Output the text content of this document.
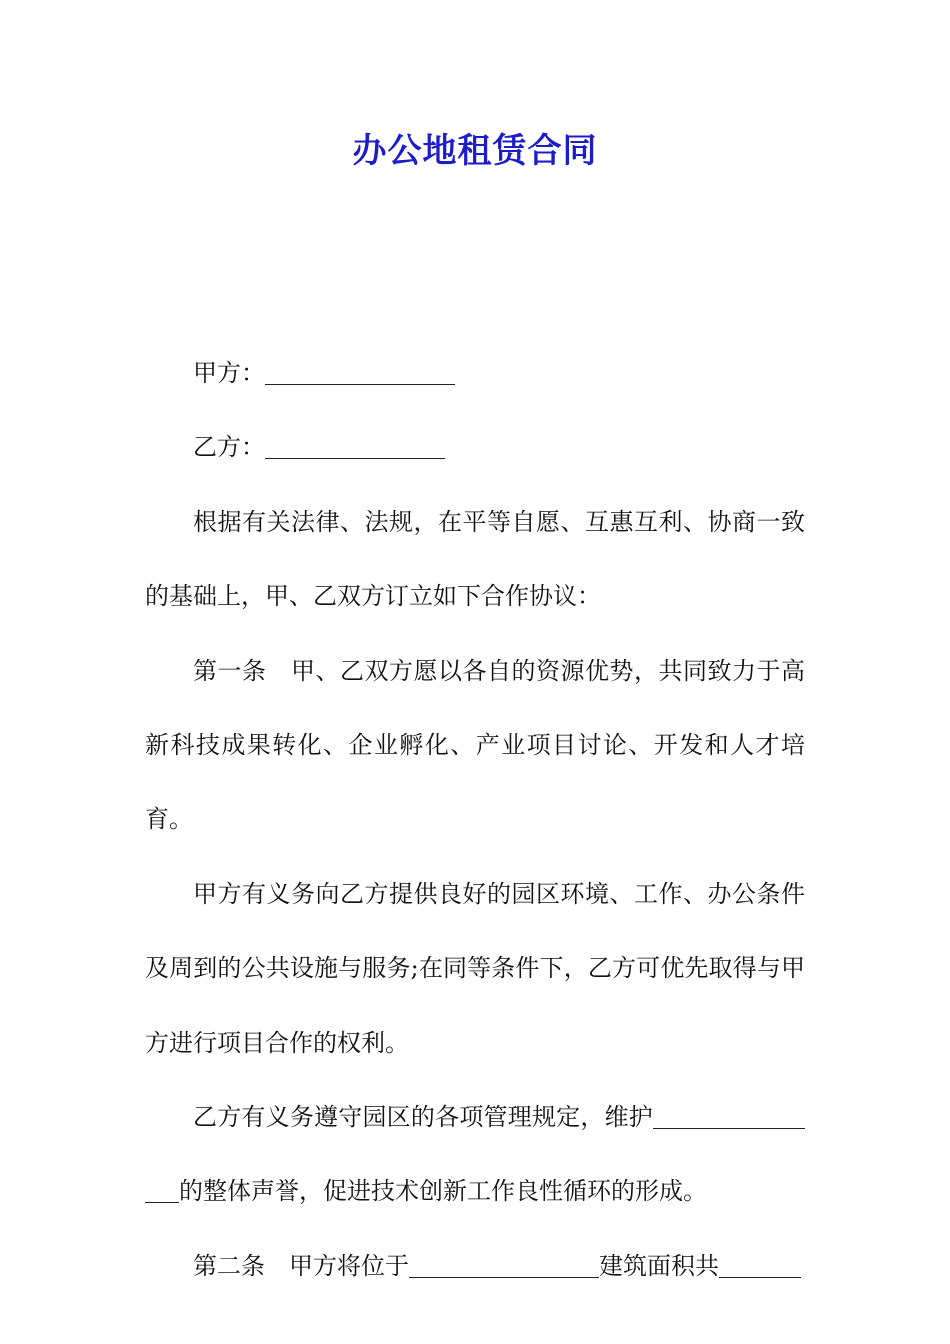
办公地租赁合同

甲方：

乙方：

根据有关法律、法规，在平等自愿、互惠互利、协商一致的基础上，甲、乙双方订立如下合作协议：

第一条　甲、乙双方愿以各自的资源优势，共同致力于高新科技成果转化、企业孵化、产业项目讨论、开发和人才培育。

甲方有义务向乙方提供良好的园区环境、工作、办公条件及周到的公共设施与服务;在同等条件下，乙方可优先取得与甲方进行项目合作的权利。

乙方有义务遵守园区的各项管理规定，维护的整体声誉，促进技术创新工作良性循环的形成。

第二条　甲方将位于	建筑面积共
